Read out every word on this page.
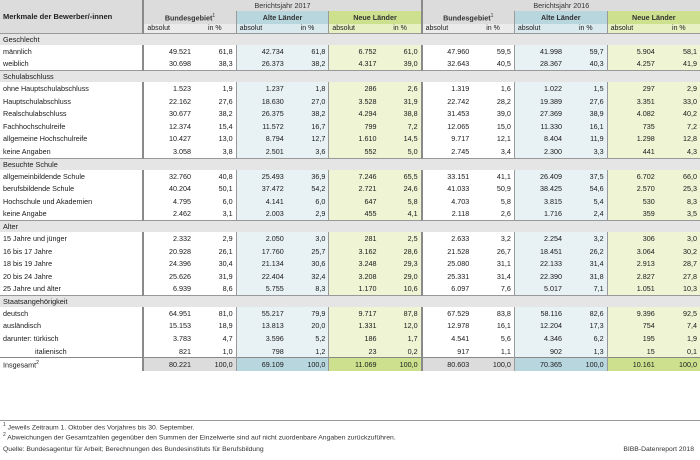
Merkmale der Bewerber/-innen	Berichtsjahr 2017						Berichtsjahr 2016					
	Bundesgebiet$^1$		Alte Länder		Neue Länder		Bundesgebiet$^1$		Alte Länder		Neue Länder	
	absolut	in %	absolut	in %	absolut	in %	absolut	in %	absolut	in %	absolut	in %
Geschlecht												
männlich	49.521	61,8	42.734	61,8	6.752	61,0	47.960	59,5	41.998	59,7	5.904	58,1
weiblich	30.698	38,3	26.373	38,2	4.317	39,0	32.643	40,5	28.367	40,3	4.257	41,9
Schulabschluss												
ohne Hauptschulabschluss	1.523	1,9	1.237	1,8	286	2,6	1.319	1,6	1.022	1,5	297	2,9
Hauptschulabschluss	22.162	27,6	18.630	27,0	3.528	31,9	22.742	28,2	19.389	27,6	3.351	33,0
Realschulabschluss	30.677	38,2	26.375	38,2	4.294	38,8	31.453	39,0	27.369	38,9	4.082	40,2
Fachhochschulreife	12.374	15,4	11.572	16,7	799	7,2	12.065	15,0	11.330	16,1	735	7,2
allgemeine Hochschulreife	10.427	13,0	8.794	12,7	1.610	14,5	9.717	12,1	8.404	11,9	1.298	12,8
keine Angaben	3.058	3,8	2.501	3,6	552	5,0	2.745	3,4	2.300	3,3	441	4,3
Besuchte Schule												
allgemeinbildende Schule	32.760	40,8	25.493	36,9	7.246	65,5	33.151	41,1	26.409	37,5	6.702	66,0
berufsbildende Schule	40.204	50,1	37.472	54,2	2.721	24,6	41.033	50,9	38.425	54,6	2.570	25,3
Hochschule und Akademien	4.795	6,0	4.141	6,0	647	5,8	4.703	5,8	3.815	5,4	530	8,3
keine Angabe	2.462	3,1	2.003	2,9	455	4,1	2.118	2,6	1.716	2,4	359	3,5
Alter												
15 Jahre und jünger	2.332	2,9	2.050	3,0	281	2,5	2.633	3,2	2.254	3,2	306	3,0
16 bis 17 Jahre	20.928	26,1	17.760	25,7	3.162	28,6	21.528	26,7	18.451	26,2	3.064	30,2
18 bis 19 Jahre	24.396	30,4	21.134	30,6	3.248	29,3	25.080	31,1	22.133	31,4	2.913	28,7
20 bis 24 Jahre	25.626	31,9	22.404	32,4	3.208	29,0	25.331	31,4	22.390	31,8	2.827	27,8
25 Jahre und älter	6.939	8,6	5.755	8,3	1.170	10,6	6.097	7,6	5.017	7,1	1.051	10,3
Staatsangehörigkeit												
deutsch	64.951	81,0	55.217	79,9	9.717	87,8	67.529	83,8	58.116	82,6	9.396	92,5
ausländisch	15.153	18,9	13.813	20,0	1.331	12,0	12.978	16,1	12.204	17,3	754	7,4
darunter: türkisch	3.783	4,7	3.596	5,2	186	1,7	4.541	5,6	4.346	6,2	195	1,9
italienisch	821	1,0	798	1,2	23	0,2	917	1,1	902	1,3	15	0,1
Insgesamt$^2$	80.221	100,0	69.109	100,0	11.069	100,0	80.603	100,0	70.365	100,0	10.161	100,0
$^1$ Jeweils Zeitraum 1. Oktober des Vorjahres bis 30. September.
$^2$ Abweichungen der Gesamtzahlen gegenüber den Summen der Einzelwerte sind auf nicht zuordenbare Angaben zurückzuführen.
Quelle: Bundesagentur für Arbeit; Berechnungen des Bundesinstituts für Berufsbildung	BIBB-Datenreport 2018
